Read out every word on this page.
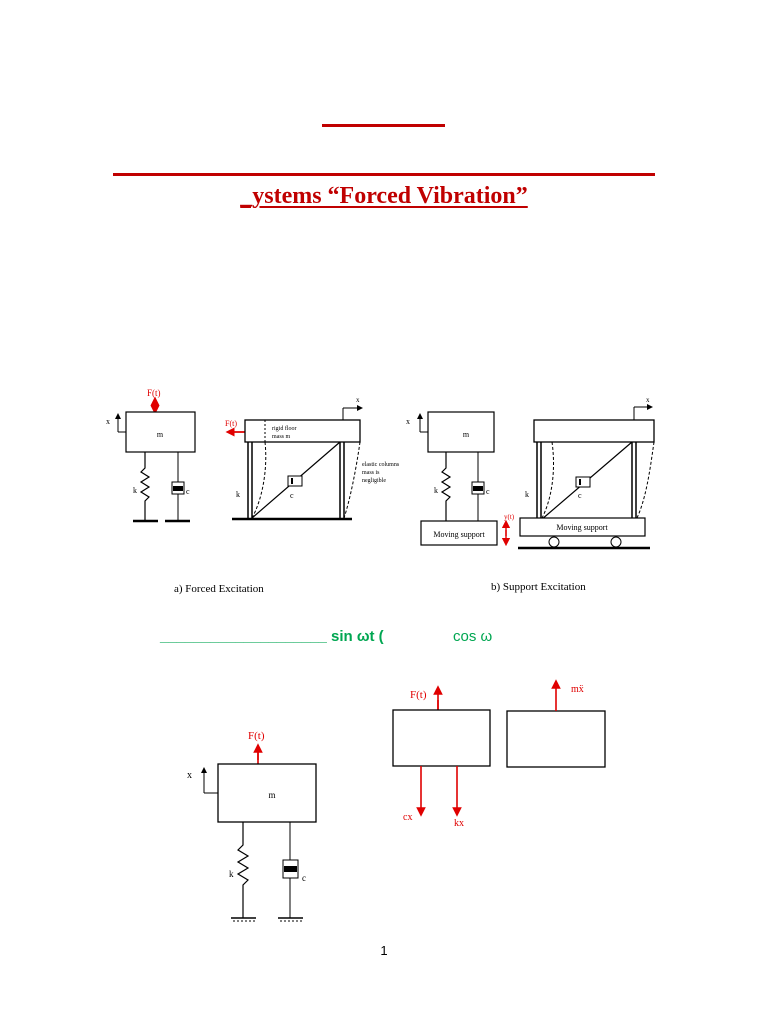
_ystems “Forced Vibration”
F(t)
m
x
k	c
F(t)
rigid floor
mass m
c
k
elastic columns
mass is
negligible
x
m
x
k	c
Moving support
y(t)
c
k
x
Moving support
a) Forced Excitation	b) Support Excitation
____________________ sin ωt (	cos ω
F(t)
m
x
k	c
F(t)
cx
kx
mẍ
1
